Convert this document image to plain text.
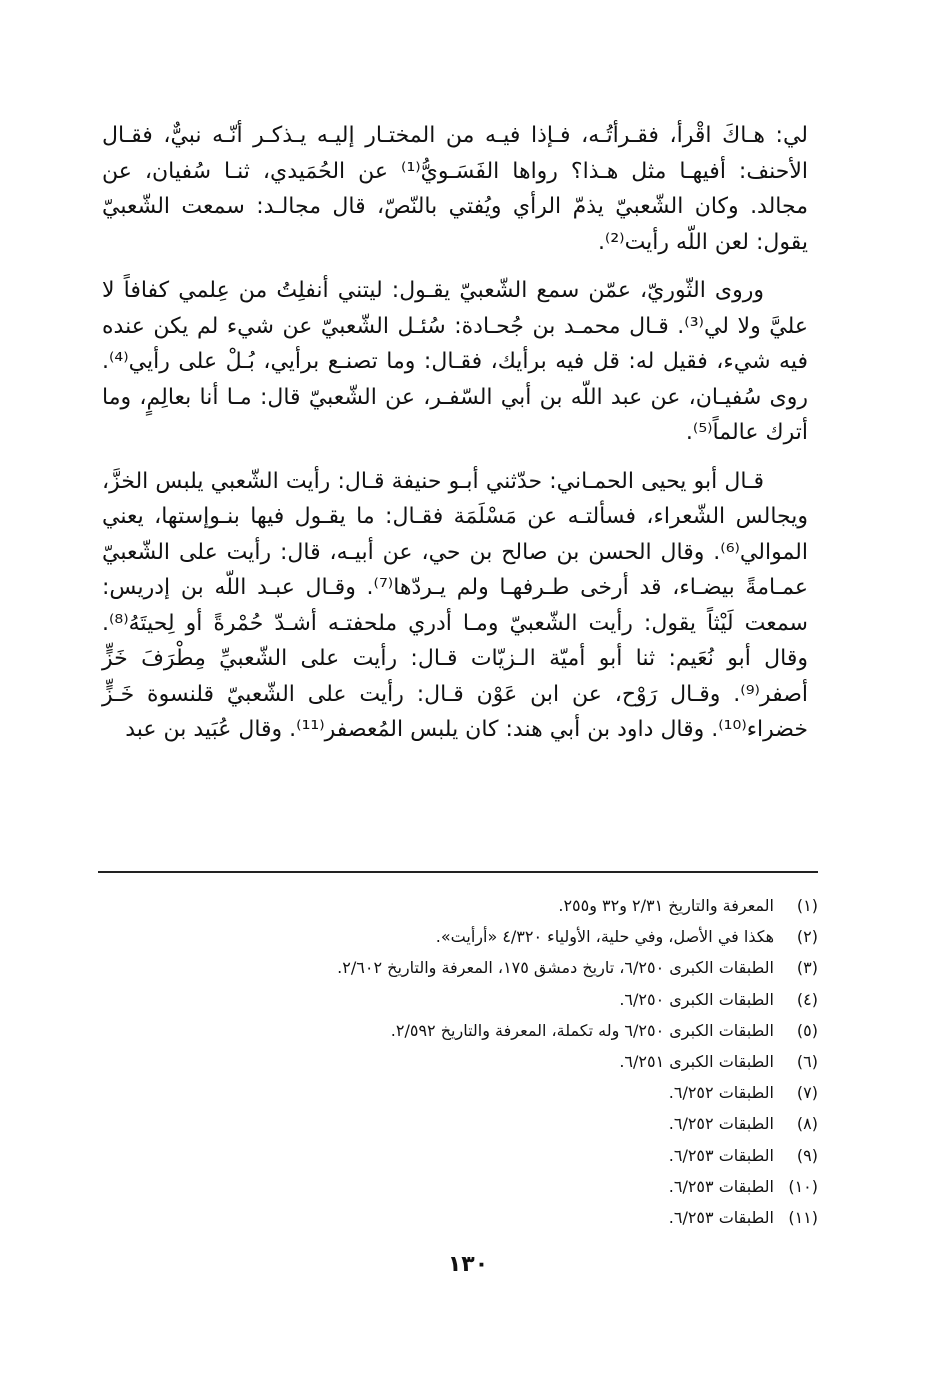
لي: هـاكَ اقْرأ، فقـرأتُـه، فـإذا فيـه من المختـار إليـه يـذكـر أنّـه نبيٌّ، فقـال الأحنف: أفيهـا مثل هـذا؟ رواها الفَسَـويُّ⁽¹⁾ عن الحُمَيدي، ثنـا سُفيان، عن مجالد. وكان الشّعبيّ يذمّ الرأي ويُفتي بالنّصّ، قال مجالـد: سمعت الشّعبيّ يقول: لعن اللّه رأيت⁽²⁾.

وروى الثّوريّ، عمّن سمع الشّعبيّ يقـول: ليتني أنفلِتُ من عِلمي كفافاً لا عليَّ ولا لي⁽³⁾. قـال محمـد بن جُحـادة: سُئـل الشّعبيّ عن شيء لم يكن عنده فيه شيء، فقيل له: قل فيه برأيك، فقـال: وما تصنـع برأيي، بُـلْ على رأيي⁽⁴⁾. روى سُفيـان، عن عبد اللّه بن أبي السّفـر، عن الشّعبيّ قال: مـا أنا بعالِمٍ، وما أترك عالماً⁽⁵⁾.

قـال أبو يحيى الحمـاني: حدّثني أبـو حنيفة قـال: رأيت الشّعبي يلبس الخزَّ، ويجالس الشّعراء، فسألتـه عن مَسْلَمَة فقـال: ما يقـول فيها بنـوإستها، يعني الموالي⁽⁶⁾. وقال الحسن بن صالح بن حي، عن أبيـه، قال: رأيت على الشّعبيّ عمـامةً بيضـاء، قد أرخى طـرفهـا ولم يـردّها⁽⁷⁾. وقـال عبـد اللّه بن إدريس: سمعت لَيْثاً يقول: رأيت الشّعبيّ ومـا أدري ملحفتـه أشـدّ حُمْرةً أو لِحيتَهُ⁽⁸⁾. وقال أبو نُعَيم: ثنا أبو أميّة الـزيّات قـال: رأيت على الشّعبيِّ مِطْرَفَ خَزٍّ أصفر⁽⁹⁾. وقـال رَوْح، عن ابن عَوْن قـال: رأيت على الشّعبيّ قلنسوة خَـزٍّ خضراء⁽¹⁰⁾. وقال داود بن أبي هند: كان يلبس المُعصفر⁽¹¹⁾. وقال عُبَيد بن عبد

(١)المعرفة والتاريخ ٢/٣١ و٣٢ و٢٥٥.
(٢)هكذا في الأصل، وفي حلية، الأولياء ٤/٣٢٠ «أرأيت».
(٣)الطبقات الكبرى ٦/٢٥٠، تاريخ دمشق ١٧٥، المعرفة والتاريخ ٢/٦٠٢.
(٤)الطبقات الكبرى ٦/٢٥٠.
(٥)الطبقات الكبرى ٦/٢٥٠ وله تكملة، المعرفة والتاريخ ٢/٥٩٢.
(٦)الطبقات الكبرى ٦/٢٥١.
(٧)الطبقات ٦/٢٥٢.
(٨)الطبقات ٦/٢٥٢.
(٩)الطبقات ٦/٢٥٣.
(١٠)الطبقات ٦/٢٥٣.
(١١)الطبقات ٦/٢٥٣.
١٣٠
